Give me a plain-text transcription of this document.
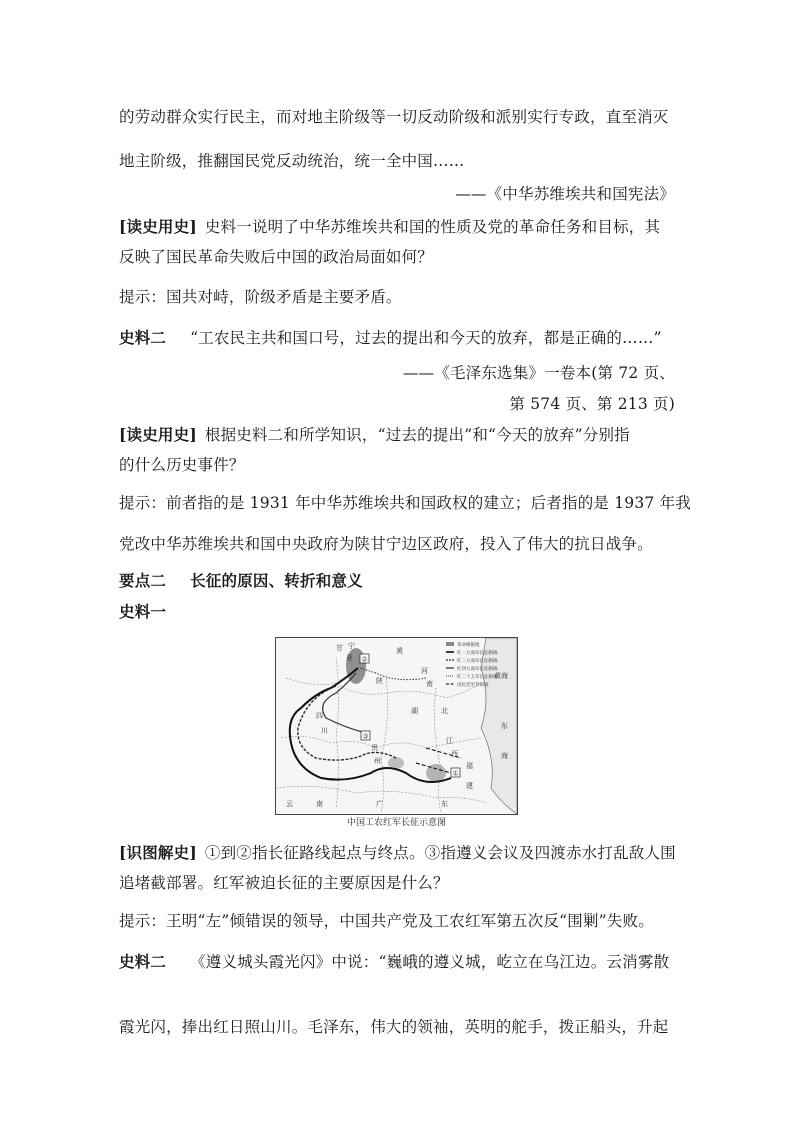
的劳动群众实行民主，而对地主阶级等一切反动阶级和派别实行专政，直至消灭
地主阶级，推翻国民党反动统治，统一全中国……
——《中华苏维埃共和国宪法》
[读史用史] 史料一说明了中华苏维埃共和国的性质及党的革命任务和目标，其
反映了国民革命失败后中国的政治局面如何？
提示：国共对峙，阶级矛盾是主要矛盾。
史料二 “工农民主共和国口号，过去的提出和今天的放弃，都是正确的……”
——《毛泽东选集》一卷本(第 72 页、
第 574 页、第 213 页)
[读史用史] 根据史料二和所学知识，“过去的提出”和“今天的放弃”分别指
的什么历史事件？
提示：前者指的是 1931 年中华苏维埃共和国政权的建立；后者指的是 1937 年我
党改中华苏维埃共和国中央政府为陕甘宁边区政府，投入了伟大的抗日战争。
要点二 长征的原因、转折和意义
史料一
②
①
③
甘 宁
夏
黄
陕
河
南
四
川
湖	北
江
西
贵
州
广
云	南	东
福
建
黄海
东
海
革命根据地
红一方面军长征路线
红二方面军长征路线
红四方面军长征路线
红二十五军长征路线
国民党军封锁线
中国工农红军长征示意图
[识图解史] ①到②指长征路线起点与终点。③指遵义会议及四渡赤水打乱敌人围
追堵截部署。红军被迫长征的主要原因是什么？
提示：王明“左”倾错误的领导，中国共产党及工农红军第五次反“围剿”失败。
史料二 《遵义城头霞光闪》中说：“巍峨的遵义城，屹立在乌江边。云消雾散
霞光闪，捧出红日照山川。毛泽东，伟大的领袖，英明的舵手，拨正船头，升起
